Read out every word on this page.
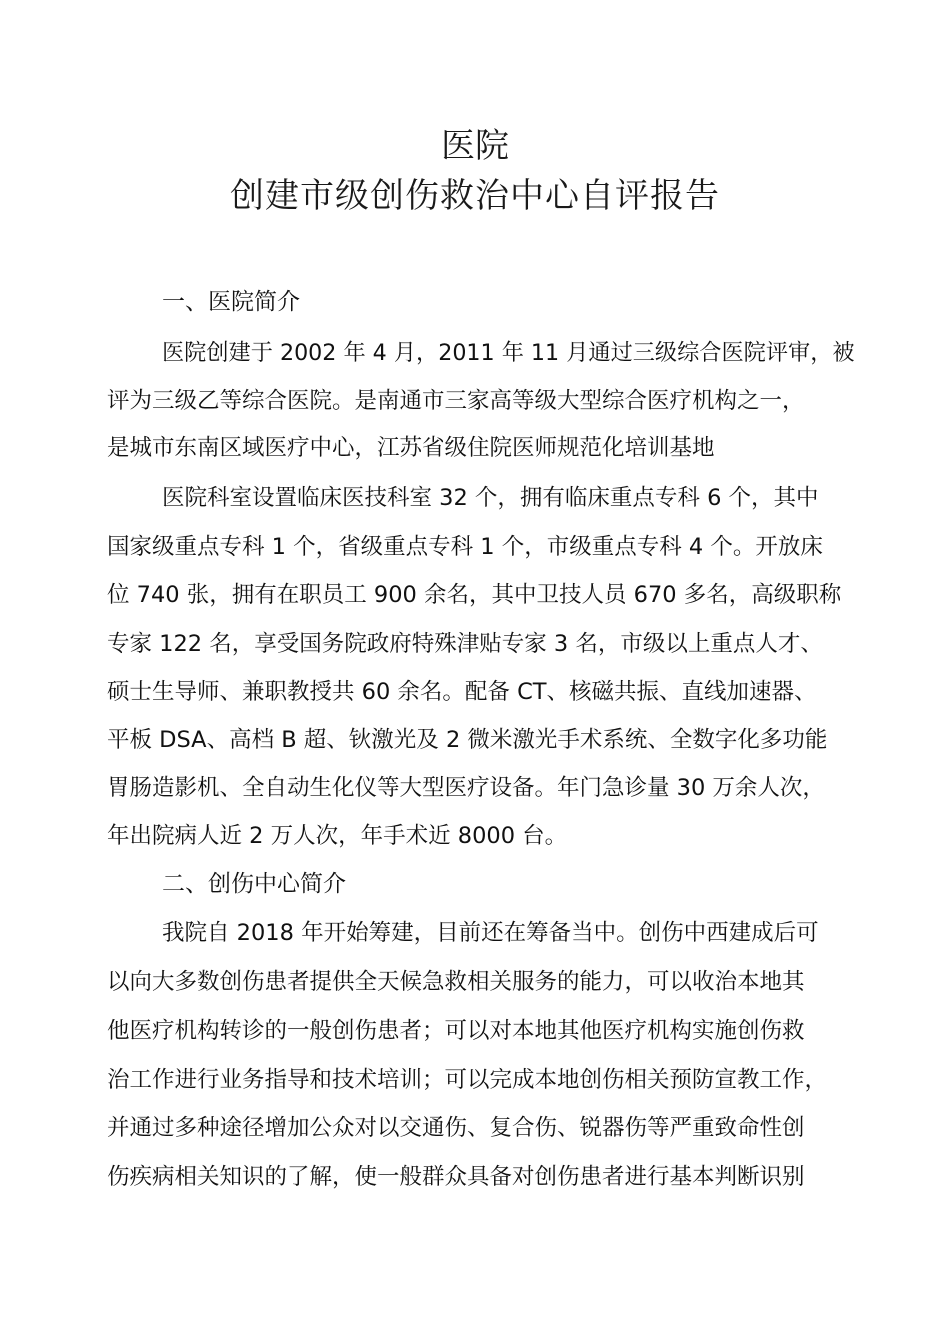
医院
创建市级创伤救治中心自评报告
一、医院简介
医院创建于 2002 年 4 月，2011 年 11 月通过三级综合医院评审，被
评为三级乙等综合医院。是南通市三家高等级大型综合医疗机构之一，
是城市东南区域医疗中心，江苏省级住院医师规范化培训基地
医院科室设置临床医技科室 32 个，拥有临床重点专科 6 个，其中
国家级重点专科 1 个，省级重点专科 1 个，市级重点专科 4 个。开放床
位 740 张，拥有在职员工 900 余名，其中卫技人员 670 多名，高级职称
专家 122 名，享受国务院政府特殊津贴专家 3 名，市级以上重点人才、
硕士生导师、兼职教授共 60 余名。配备 CT、核磁共振、直线加速器、
平板 DSA、高档 B 超、钬激光及 2 微米激光手术系统、全数字化多功能
胃肠造影机、全自动生化仪等大型医疗设备。年门急诊量 30 万余人次，
年出院病人近 2 万人次，年手术近 8000 台。
二、创伤中心简介
我院自 2018 年开始筹建，目前还在筹备当中。创伤中西建成后可
以向大多数创伤患者提供全天候急救相关服务的能力，可以收治本地其
他医疗机构转诊的一般创伤患者；可以对本地其他医疗机构实施创伤救
治工作进行业务指导和技术培训；可以完成本地创伤相关预防宣教工作，
并通过多种途径增加公众对以交通伤、复合伤、锐器伤等严重致命性创
伤疾病相关知识的了解，使一般群众具备对创伤患者进行基本判断识别
